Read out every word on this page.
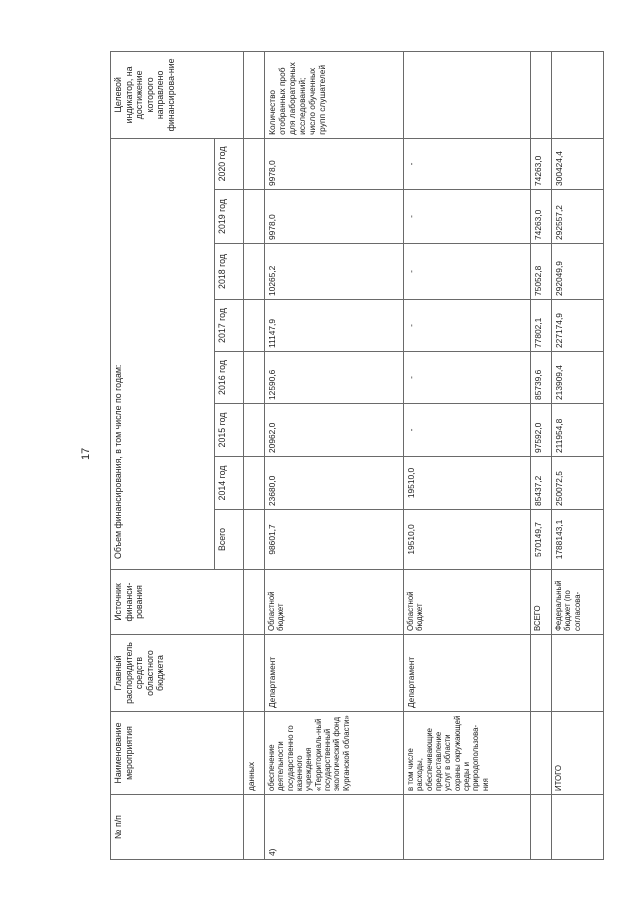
17
№ п/п	Наименование мероприятия	Главный распорядитель средств областного бюджета	Источник финанси-рования	Объем финансирования, в том числе по годам:								Целевой индикатор, на достижение которого направлено финансирова-ние
				Всего	2014 год	2015 год	2016 год	2017 год	2018 год	2019 год	2020 год	
	данных											
4)	обеспечение деятельности государственно го казенного учреждения «Территориаль-ный государственный экологический фонд Курганской области»	Департамент	Областной бюджет	98601,7	23680,0	20962,0	12590,6	11147,9	10265,2	9978,0	9978,0	Количество отобранных проб для лабораторных исследований; число обученных групп слушателей
	в том числе расходы, обеспечивающие предоставление услуг в области охраны окружающей среды и природопользова-ния	Департамент	Областной бюджет	19510,0	19510,0	-	-	-	-	-	-	
			ВСЕГО	570149,7	85437,2	97592,0	85739,6	77802,1	75052,8	74263,0	74263,0	
	ИТОГО		Федеральный бюджет (по согласова-	1788143,1	250072,5	211954,8	213909,4	227174,9	292049,9	292557,2	300424,4	
